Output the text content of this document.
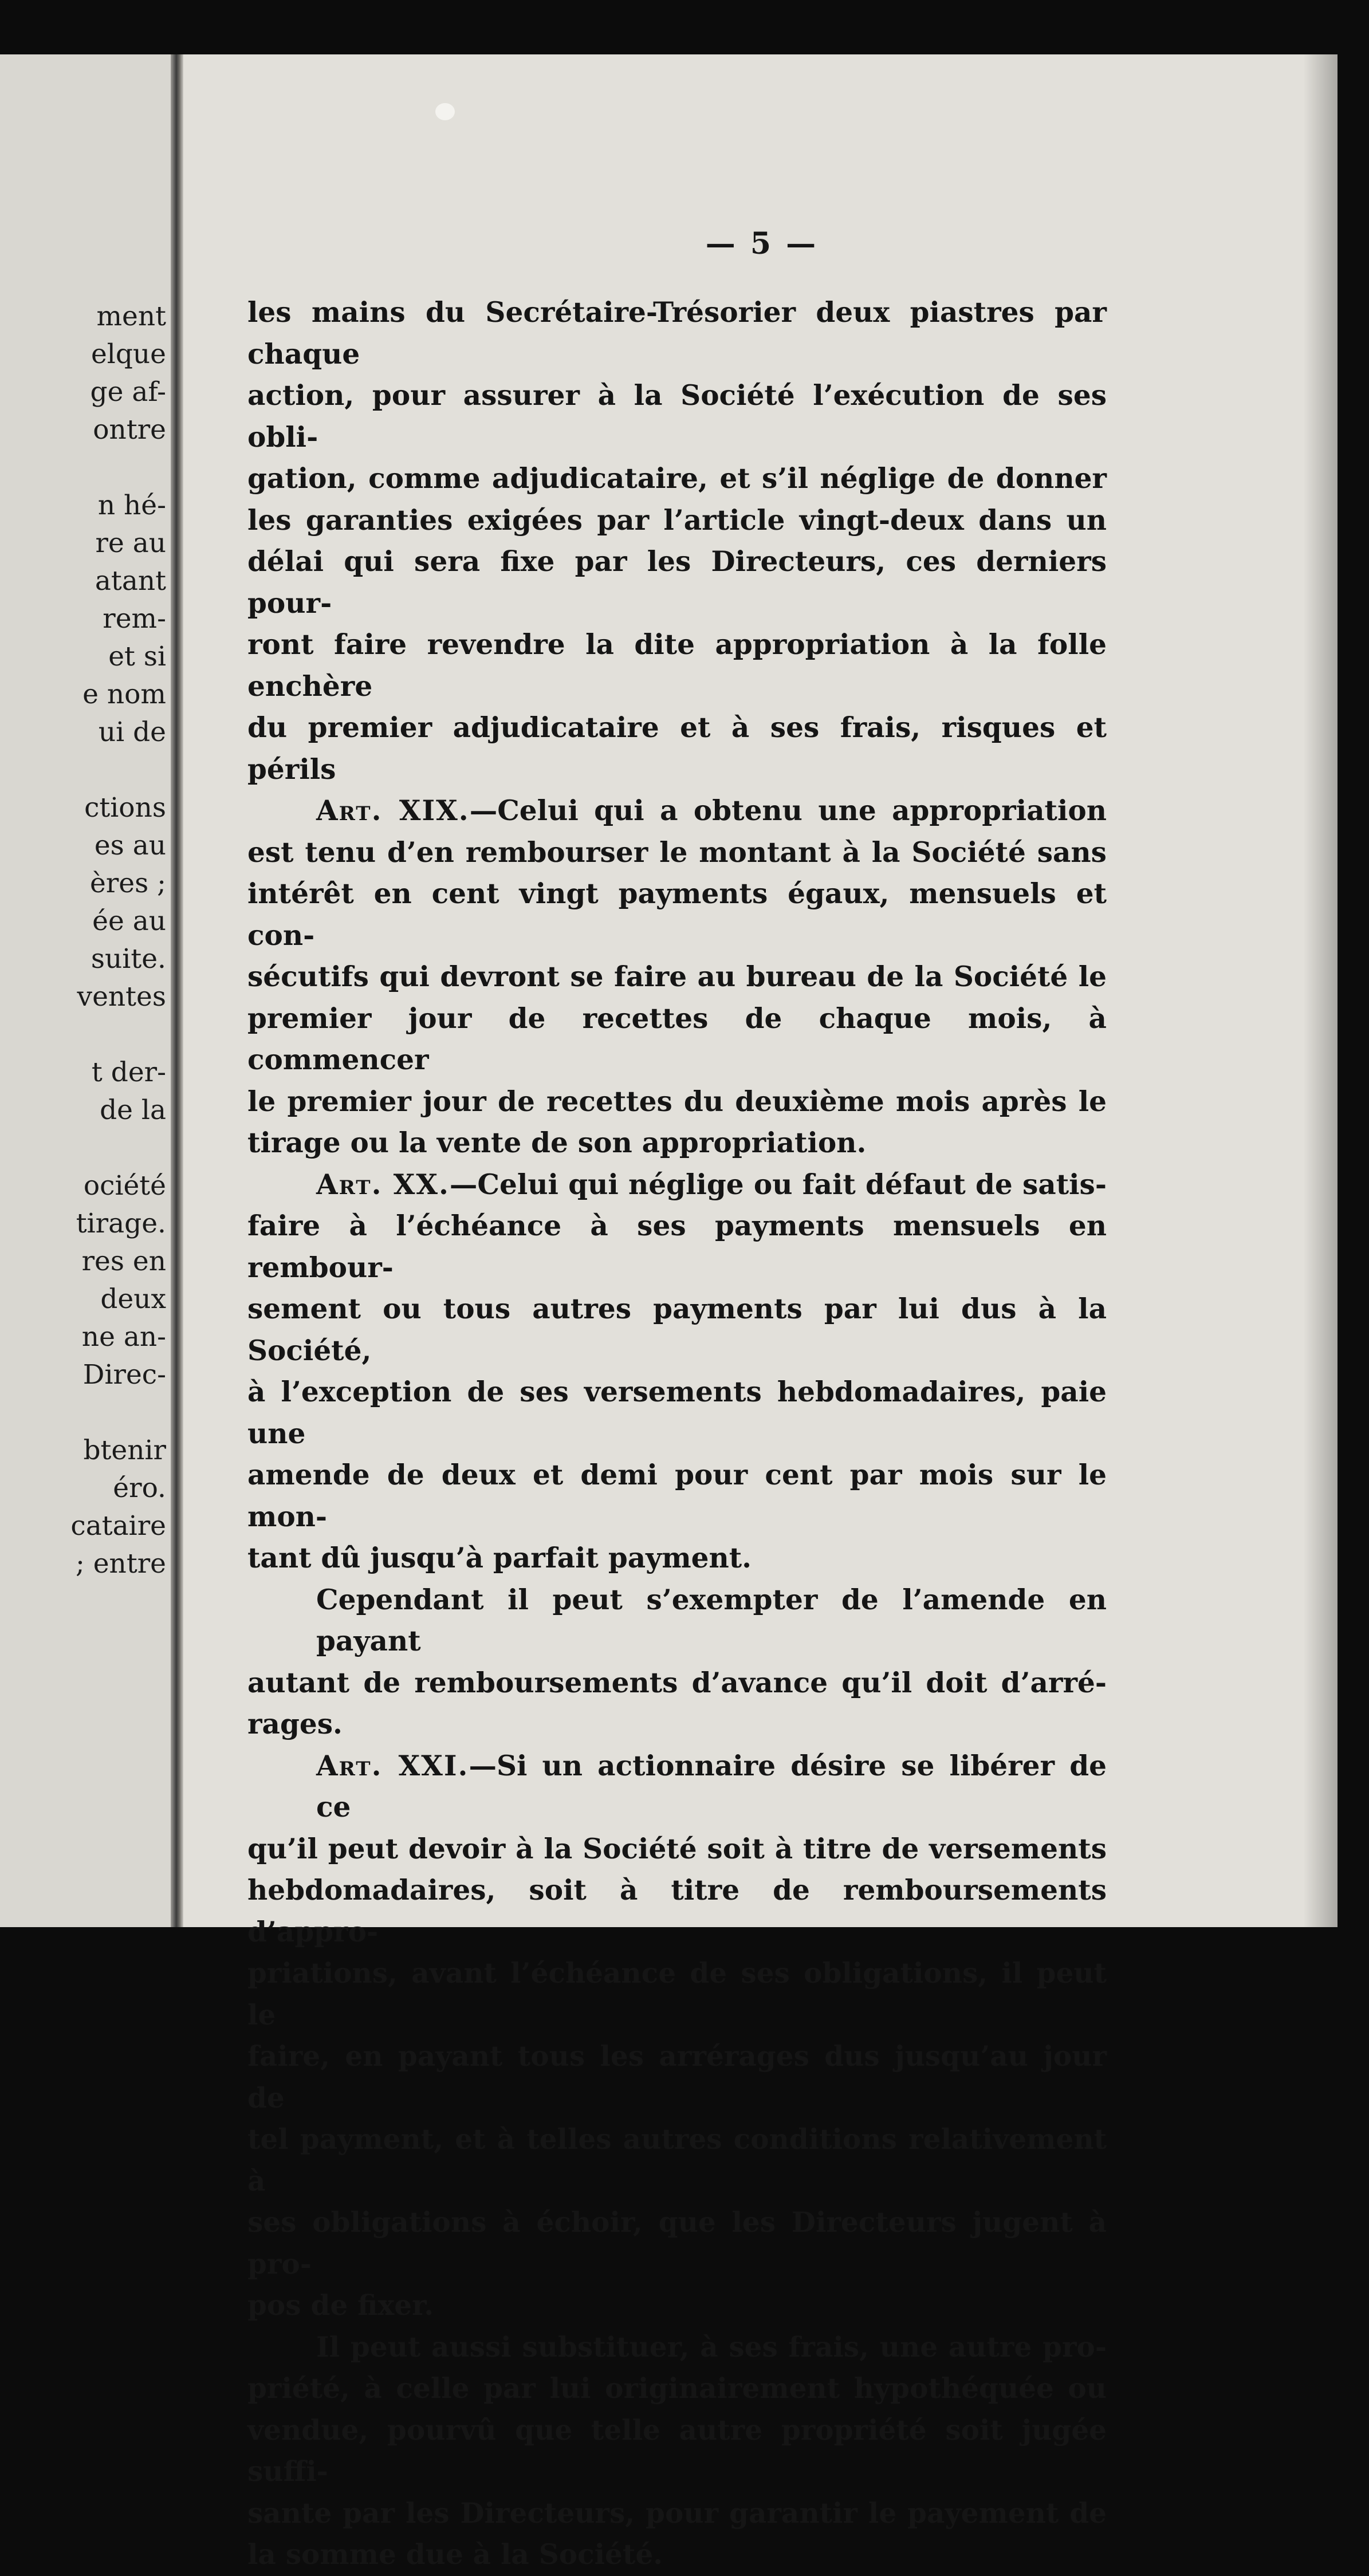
ment
elque
ge af-
ontre
n hé-
re au
atant
rem-
et si
e nom
ui de
ctions
es au
ères ;
ée au
suite.
ventes
t der-
de la
ociété
tirage.
res en
deux
ne an-
Direc-
btenir
éro.
cataire
; entre
— 5 —

les mains du Secrétaire-Trésorier deux piastres par chaque
action, pour assurer à la Société l’exécution de ses obli-
gation, comme adjudicataire, et s’il néglige de donner
les garanties exigées par l’article vingt-deux dans un
délai qui sera fixe par les Directeurs, ces derniers pour-
ront faire revendre la dite appropriation à la folle enchère
du premier adjudicataire et à ses frais, risques et périls

Art. XIX.—Celui qui a obtenu une appropriation
est tenu d’en rembourser le montant à la Société sans
intérêt en cent vingt payments égaux, mensuels et con-
sécutifs qui devront se faire au bureau de la Société le
premier jour de recettes de chaque mois, à commencer
le premier jour de recettes du deuxième mois après le
tirage ou la vente de son appropriation.

Art. XX.—Celui qui néglige ou fait défaut de satis-
faire à l’échéance à ses payments mensuels en rembour-
sement ou tous autres payments par lui dus à la Société,
à l’exception de ses versements hebdomadaires, paie une
amende de deux et demi pour cent par mois sur le mon-
tant dû jusqu’à parfait payment.

Cependant il peut s’exempter de l’amende en payant
autant de remboursements d’avance qu’il doit d’arré-
rages.

Art. XXI.—Si un actionnaire désire se libérer de ce
qu’il peut devoir à la Société soit à titre de versements
hebdomadaires, soit à titre de remboursements d’appro-
priations, avant l’échéance de ses obligations, il peut le
faire, en payant tous les arrérages dus jusqu’au jour de
tel payment, et à telles autres conditions relativement à
ses obligations à échoir, que les Directeurs jugent à pro-
pos de fixer.

Il peut aussi substituer, à ses frais, une autre pro-
priété, à celle par lui originairement hypothéquée ou
vendue, pourvû que telle autre propriété soit jugée suffi-
sante par les Directeurs, pour garantir le payement de
la somme due à la Société.
